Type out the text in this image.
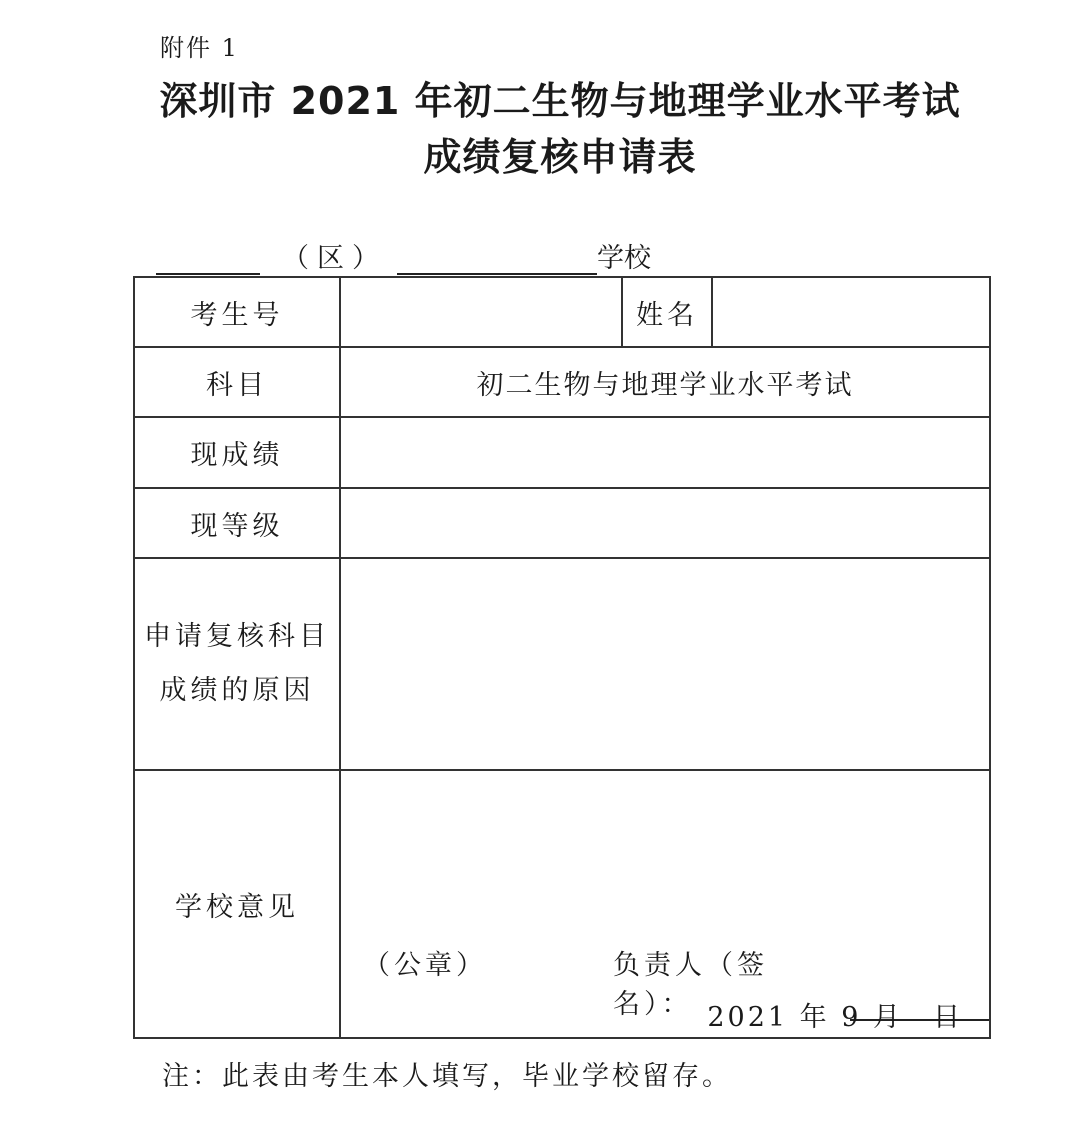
附件 1
深圳市 2021 年初二生物与地理学业水平考试
成绩复核申请表
（区）	学校
考生号		姓名	
科目	初二生物与地理学业水平考试		
现成绩			
现等级			

申请复核科目
成绩的原因			

学校意见	（公章） 负责人（签名）： 2021 年 9 月　日		
注：此表由考生本人填写，毕业学校留存。
